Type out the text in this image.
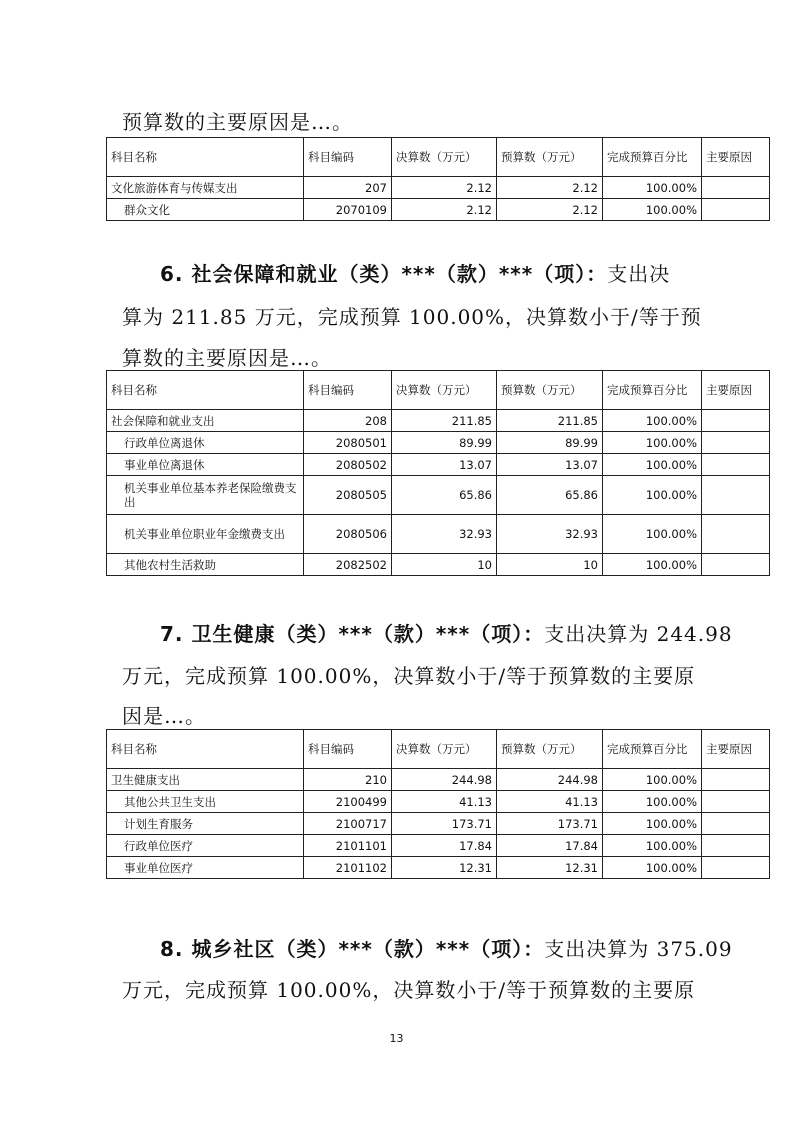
预算数的主要原因是…。
科目名称	科目编码	决算数（万元）	预算数（万元）	完成预算百分比	主要原因
文化旅游体育与传媒支出	207	2.12	2.12	100.00%	
群众文化	2070109	2.12	2.12	100.00%	
6. 社会保障和就业（类）***（款）***（项）：支出决
算为 211.85 万元，完成预算 100.00%，决算数小于/等于预
算数的主要原因是…。
科目名称	科目编码	决算数（万元）	预算数（万元）	完成预算百分比	主要原因
社会保障和就业支出	208	211.85	211.85	100.00%	
行政单位离退休	2080501	89.99	89.99	100.00%	
事业单位离退休	2080502	13.07	13.07	100.00%	
机关事业单位基本养老保险缴费支出	2080505	65.86	65.86	100.00%	
机关事业单位职业年金缴费支出	2080506	32.93	32.93	100.00%	
其他农村生活救助	2082502	10	10	100.00%	
7. 卫生健康（类）***（款）***（项）：支出决算为 244.98
万元，完成预算 100.00%，决算数小于/等于预算数的主要原
因是…。
科目名称	科目编码	决算数（万元）	预算数（万元）	完成预算百分比	主要原因
卫生健康支出	210	244.98	244.98	100.00%	
其他公共卫生支出	2100499	41.13	41.13	100.00%	
计划生育服务	2100717	173.71	173.71	100.00%	
行政单位医疗	2101101	17.84	17.84	100.00%	
事业单位医疗	2101102	12.31	12.31	100.00%	
8. 城乡社区（类）***（款）***（项）：支出决算为 375.09
万元，完成预算 100.00%，决算数小于/等于预算数的主要原
13
